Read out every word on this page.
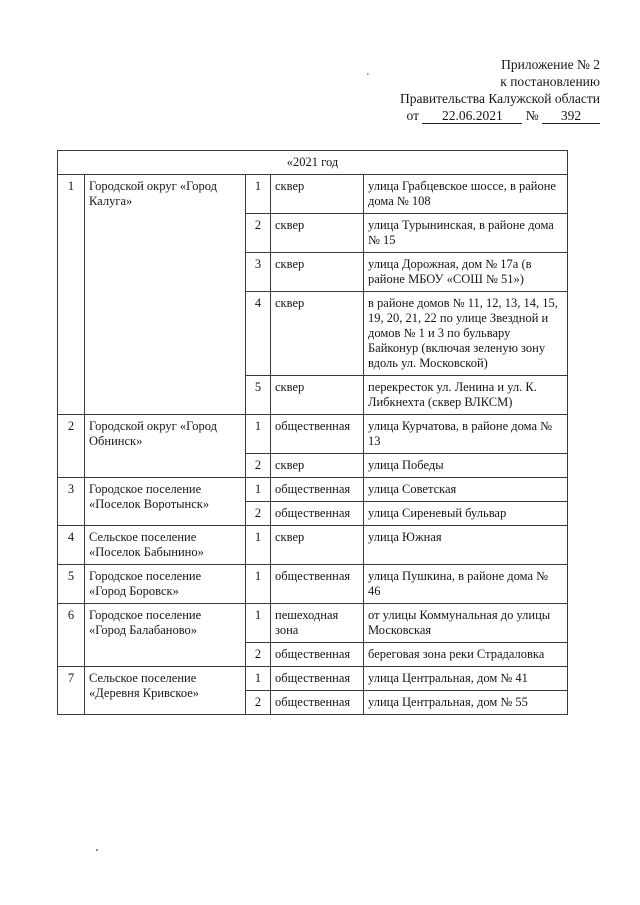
Приложение № 2
к постановлению
Правительства Калужской области
от 22.06.2021 № 392
'
«2021 год				
1	Городской округ «Город Калуга»	1	сквер	улица Грабцевское шоссе, в районе дома № 108
		2	сквер	улица Турынинская, в районе дома № 15
		3	сквер	улица Дорожная, дом № 17а (в районе МБОУ «СОШ № 51»)
		4	сквер	в районе домов № 11, 12, 13, 14, 15, 19, 20, 21, 22 по улице Звездной и домов № 1 и 3 по бульвару Байконур (включая зеленую зону вдоль ул. Московской)
		5	сквер	перекресток ул. Ленина и ул. К. Либкнехта (сквер ВЛКСМ)
2	Городской округ «Город Обнинск»	1	общественная	улица Курчатова, в районе дома № 13
		2	сквер	улица Победы
3	Городское поселение «Поселок Воротынск»	1	общественная	улица Советская
		2	общественная	улица Сиреневый бульвар
4	Сельское поселение «Поселок Бабынино»	1	сквер	улица Южная
5	Городское поселение «Город Боровск»	1	общественная	улица Пушкина, в районе дома № 46
6	Городское поселение «Город Балабаново»	1	пешеходная зона	от улицы Коммунальная до улицы Московская
		2	общественная	береговая зона реки Страдаловка
7	Сельское поселение «Деревня Кривское»	1	общественная	улица Центральная, дом № 41
		2	общественная	улица Центральная, дом № 55
